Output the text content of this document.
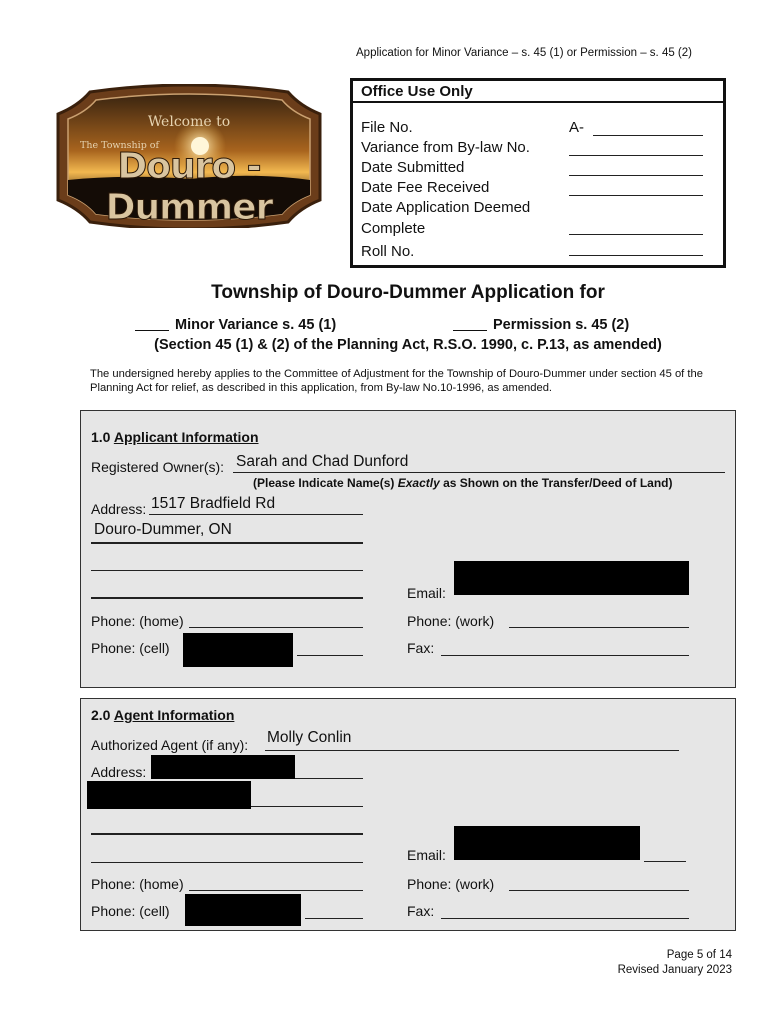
Application for Minor Variance – s. 45 (1) or Permission – s. 45 (2)
Welcome to
The Township of
Douro - Dummer
Office Use Only
File No.	A-
Variance from By-law No.
Date Submitted
Date Fee Received
Date Application Deemed
Complete
Roll No.
Township of Douro-Dummer Application for
Minor Variance s. 45 (1)	Permission s. 45 (2)
(Section 45 (1) & (2) of the Planning Act, R.S.O. 1990, c. P.13, as amended)
The undersigned hereby applies to the Committee of Adjustment for the Township of Douro-Dummer under section 45 of the Planning Act for relief, as described in this application, from By-law No.10-1996, as amended.
1.0 Applicant Information
Registered Owner(s): Sarah and Chad Dunford
(Please Indicate Name(s) Exactly as Shown on the Transfer/Deed of Land)
Address: 1517 Bradfield Rd
Douro-Dummer, ON
Email:
Phone: (home)	Phone: (work)
Phone: (cell)	Fax:
2.0 Agent Information
Authorized Agent (if any): Molly Conlin
Address:
Email:
Phone: (home)	Phone: (work)
Phone: (cell)	Fax:
Page 5 of 14
Revised January 2023
